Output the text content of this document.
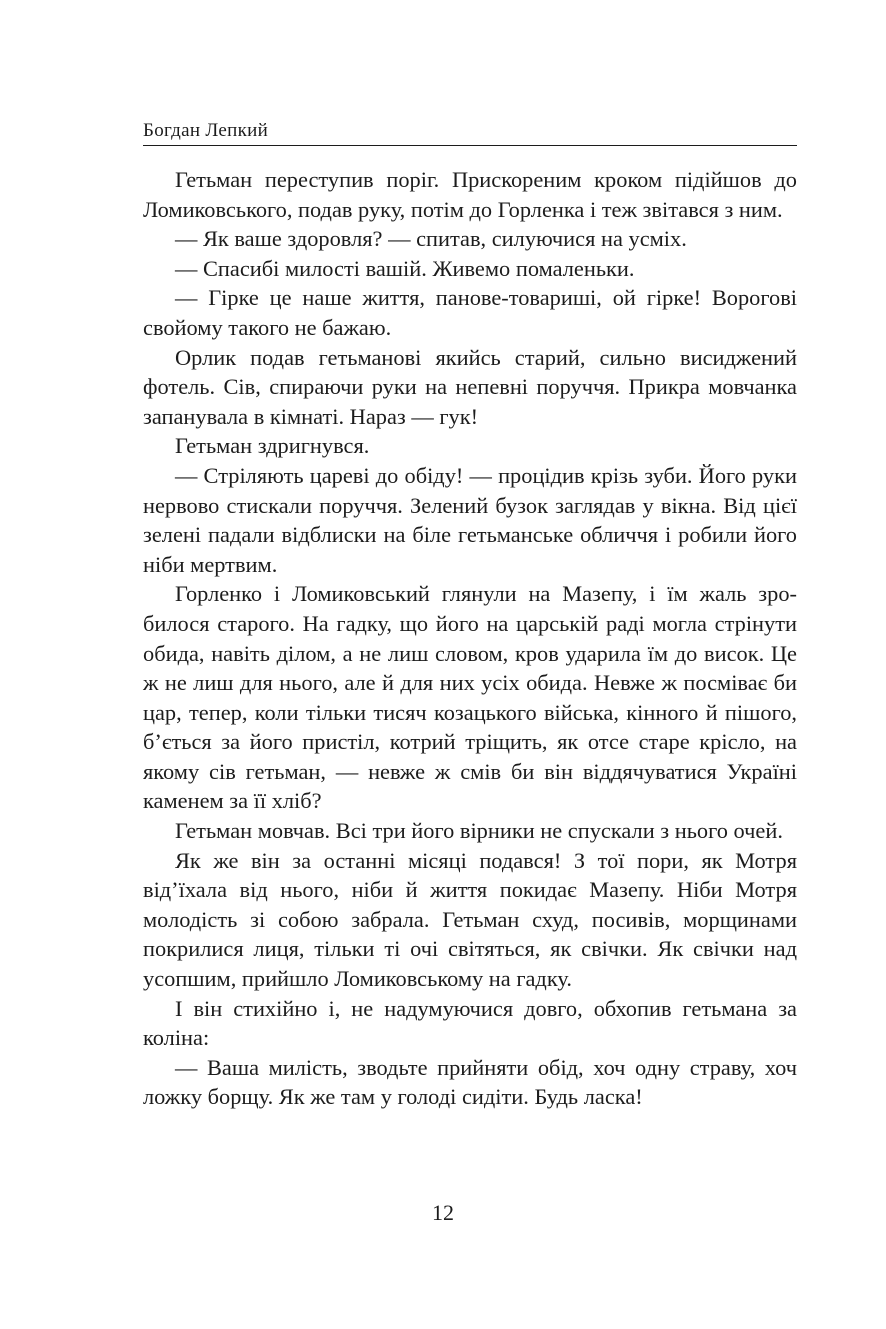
Богдан Лепкий

Гетьман переступив поріг. Прискореним кроком підійшов до Ломиковського, подав руку, потім до Горленка і теж звітався з ним.

— Як ваше здоровля? — спитав, силуючися на усміх.

— Спасибі милості вашій. Живемо помаленьки.

— Гірке це наше життя, панове-товариші, ой гірке! Ворогові свойому такого не бажаю.

Орлик подав гетьманові якийсь старий, сильно висиджений фотель. Сів, спираючи руки на непевні поруччя. Прикра мовчанка запанувала в кімнаті. Нараз — гук!

Гетьман здригнувся.

— Стріляють цареві до обіду! — процідив крізь зуби. Його руки нервово стискали поруччя. Зелений бузок заглядав у вікна. Від цієї зелені падали відблиски на біле гетьманське обличчя і робили його ніби мертвим.

Горленко і Ломиковський глянули на Мазепу, і їм жаль зробилося старого. На гадку, що його на царській раді могла стрінути обида, навіть ділом, а не лиш словом, кров ударила їм до висок. Це ж не лиш для нього, але й для них усіх обида. Невже ж посміває би цар, тепер, коли тільки тисяч козацького війська, кінного й пішого, б’ється за його пристіл, котрий тріщить, як отсе старе крісло, на якому сів гетьман, — невже ж смів би він віддячуватися Україні каменем за її хліб?

Гетьман мовчав. Всі три його вірники не спускали з нього очей.

Як же він за останні місяці подався! З тої пори, як Мотря від’їхала від нього, ніби й життя покидає Мазепу. Ніби Мотря молодість зі собою забрала. Гетьман схуд, посивів, морщинами покрилися лиця, тільки ті очі світяться, як свічки. Як свічки над усопшим, прийшло Ломиковському на гадку.

І він стихійно і, не надумуючися довго, обхопив гетьмана за коліна:

— Ваша милість, зводьте прийняти обід, хоч одну страву, хоч ложку борщу. Як же там у голоді сидіти. Будь ласка!

12
